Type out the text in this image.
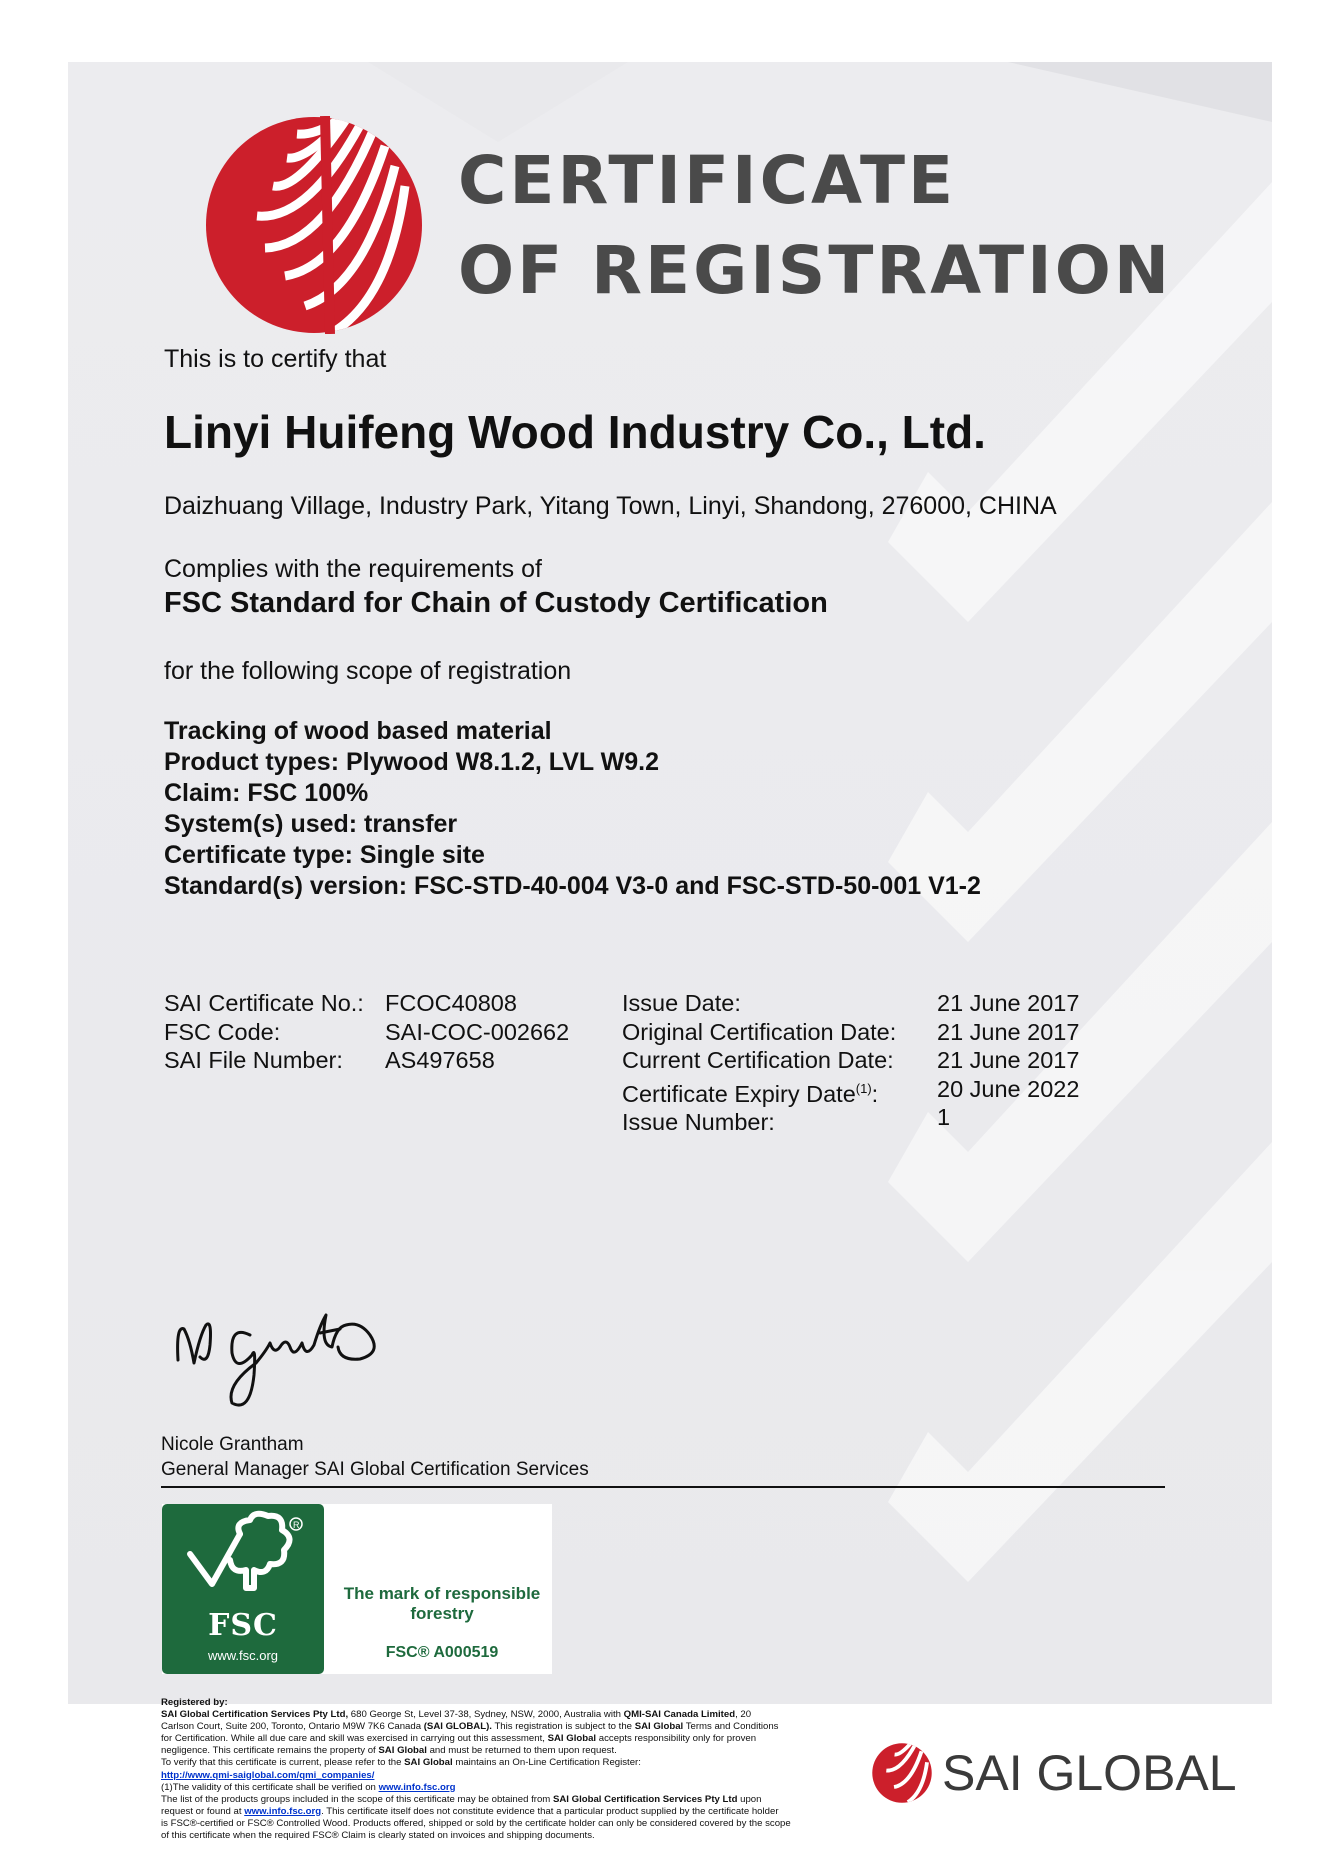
CERTIFICATE
OF REGISTRATION
This is to certify that
Linyi Huifeng Wood Industry Co., Ltd.
Daizhuang Village, Industry Park, Yitang Town, Linyi, Shandong, 276000, CHINA
Complies with the requirements of
FSC Standard for Chain of Custody Certification
for the following scope of registration
Tracking of wood based material
Product types: Plywood W8.1.2, LVL W9.2
Claim: FSC 100%
System(s) used: transfer
Certificate type: Single site
Standard(s) version: FSC-STD-40-004 V3-0 and FSC-STD-50-001 V1-2
SAI Certificate No.:
FSC Code:
SAI File Number:
FCOC40808
SAI-COC-002662
AS497658
Issue Date:
Original Certification Date:
Current Certification Date:
Certificate Expiry Date$^{(1)}$:
Issue Number:
21 June 2017
21 June 2017
21 June 2017
20 June 2022
1
Nicole Grantham
General Manager SAI Global Certification Services
R
FSC
www.fsc.org
The mark of responsible forestry
FSC® A000519
Registered by:
SAI Global Certification Services Pty Ltd, 680 George St, Level 37-38, Sydney, NSW, 2000, Australia with QMI-SAI Canada Limited, 20
Carlson Court, Suite 200, Toronto, Ontario M9W 7K6 Canada (SAI GLOBAL). This registration is subject to the SAI Global Terms and Conditions
for Certification. While all due care and skill was exercised in carrying out this assessment, SAI Global accepts responsibility only for proven
negligence. This certificate remains the property of SAI Global and must be returned to them upon request.
To verify that this certificate is current, please refer to the SAI Global maintains an On-Line Certification Register:
http://www.qmi-saiglobal.com/qmi_companies/
(1)The validity of this certificate shall be verified on www.info.fsc.org
The list of the products groups included in the scope of this certificate may be obtained from SAI Global Certification Services Pty Ltd upon
request or found at www.info.fsc.org. This certificate itself does not constitute evidence that a particular product supplied by the certificate holder
is FSC®-certified or FSC® Controlled Wood. Products offered, shipped or sold by the certificate holder can only be considered covered by the scope
of this certificate when the required FSC® Claim is clearly stated on invoices and shipping documents.
SAI GLOBAL
